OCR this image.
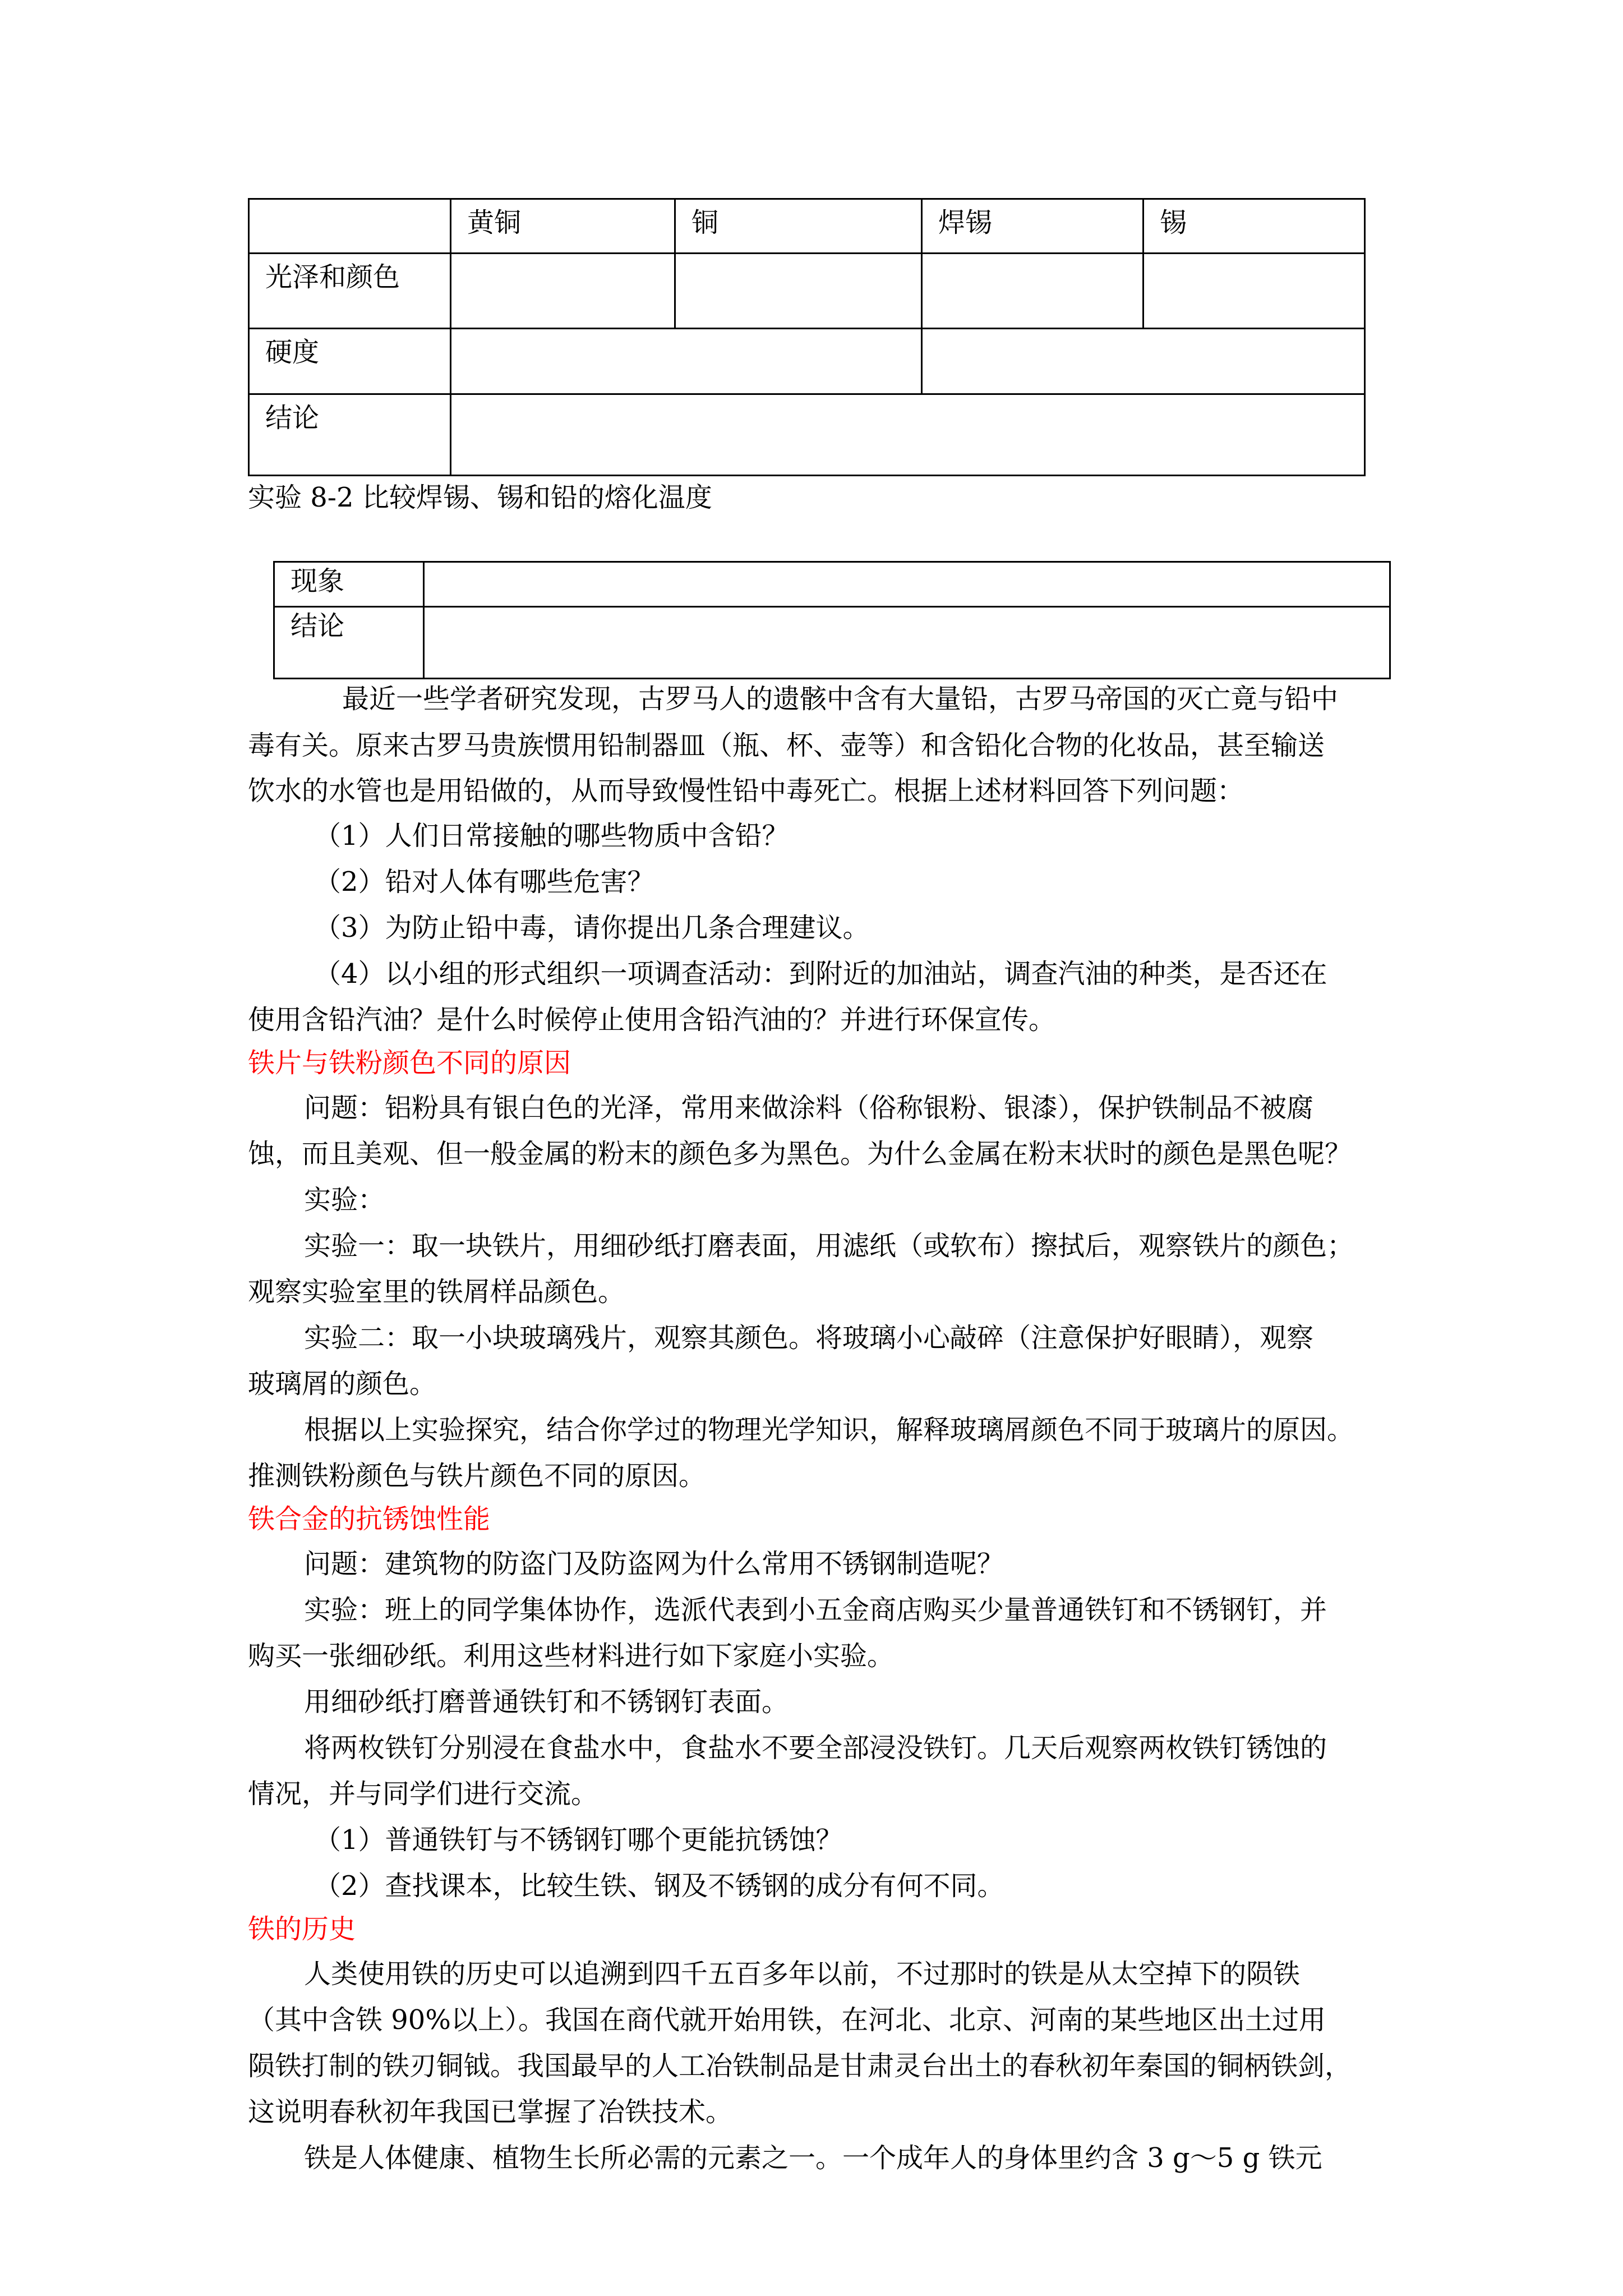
	黄铜	铜	焊锡	锡
光泽和颜色				
硬度				
结论				
实验 8-2 比较焊锡、锡和铅的熔化温度
现象	
结论	
最近一些学者研究发现，古罗马人的遗骸中含有大量铅，古罗马帝国的灭亡竟与铅中
毒有关。原来古罗马贵族惯用铅制器皿（瓶、杯、壶等）和含铅化合物的化妆品，甚至输送
饮水的水管也是用铅做的，从而导致慢性铅中毒死亡。根据上述材料回答下列问题：
（1）人们日常接触的哪些物质中含铅？
（2）铅对人体有哪些危害？
（3）为防止铅中毒，请你提出几条合理建议。
（4）以小组的形式组织一项调查活动：到附近的加油站，调查汽油的种类，是否还在
使用含铅汽油？是什么时候停止使用含铅汽油的？并进行环保宣传。
铁片与铁粉颜色不同的原因
问题：铝粉具有银白色的光泽，常用来做涂料（俗称银粉、银漆），保护铁制品不被腐
蚀，而且美观、但一般金属的粉末的颜色多为黑色。为什么金属在粉末状时的颜色是黑色呢？
实验：
实验一：取一块铁片，用细砂纸打磨表面，用滤纸（或软布）擦拭后，观察铁片的颜色；
观察实验室里的铁屑样品颜色。
实验二：取一小块玻璃残片，观察其颜色。将玻璃小心敲碎（注意保护好眼睛），观察
玻璃屑的颜色。
根据以上实验探究，结合你学过的物理光学知识，解释玻璃屑颜色不同于玻璃片的原因。
推测铁粉颜色与铁片颜色不同的原因。
铁合金的抗锈蚀性能
问题：建筑物的防盗门及防盗网为什么常用不锈钢制造呢？
实验：班上的同学集体协作，选派代表到小五金商店购买少量普通铁钉和不锈钢钉，并
购买一张细砂纸。利用这些材料进行如下家庭小实验。
用细砂纸打磨普通铁钉和不锈钢钉表面。
将两枚铁钉分别浸在食盐水中，食盐水不要全部浸没铁钉。几天后观察两枚铁钉锈蚀的
情况，并与同学们进行交流。
（1）普通铁钉与不锈钢钉哪个更能抗锈蚀？
（2）查找课本，比较生铁、钢及不锈钢的成分有何不同。
铁的历史
人类使用铁的历史可以追溯到四千五百多年以前，不过那时的铁是从太空掉下的陨铁
（其中含铁 90%以上）。我国在商代就开始用铁，在河北、北京、河南的某些地区出土过用
陨铁打制的铁刃铜钺。我国最早的人工冶铁制品是甘肃灵台出土的春秋初年秦国的铜柄铁剑，
这说明春秋初年我国已掌握了冶铁技术。
铁是人体健康、植物生长所必需的元素之一。一个成年人的身体里约含 3 g～5 g 铁元
